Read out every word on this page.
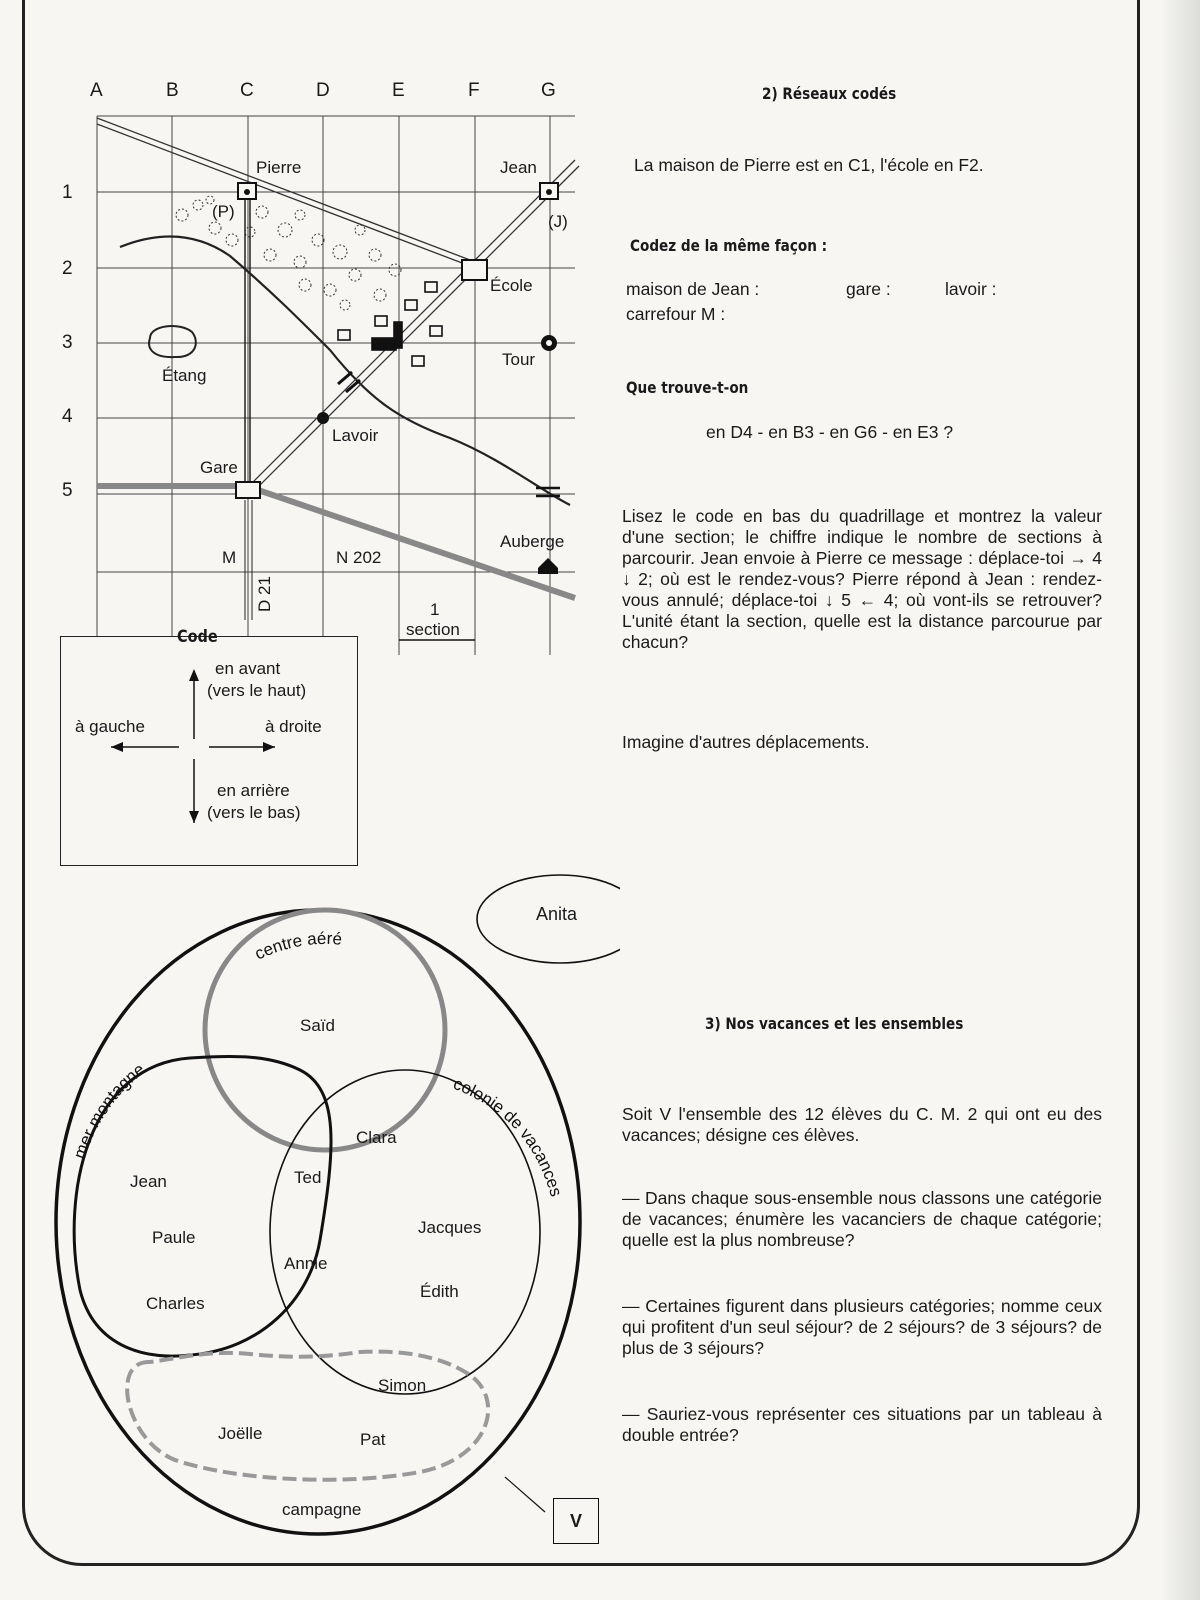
A	B	C	D	E	F	G
1
2
3
4
5
Pierre
(P)
Jean
(J)
École
Tour
Étang
Lavoir
Gare
Auberge
M	N 202
D 21	1
section
Code
en avant
(vers le haut)
à gauche	à droite
en arrière
(vers le bas)
2) Réseaux codés
La maison de Pierre est en C1, l'école en F2.
Codez de la même façon :
maison de Jean :	gare :	lavoir :
carrefour M :
Que trouve-t-on
en D4 - en B3 - en G6 - en E3 ?
Lisez le code en bas du quadrillage et montrez la valeur d'une section; le chiffre indique le nombre de sections à parcourir. Jean envoie à Pierre ce message : déplace-toi → 4 ↓ 2; où est le rendez-vous? Pierre répond à Jean : rendez-vous annulé; déplace-toi ↓ 5 ← 4; où vont-ils se retrouver? L'unité étant la section, quelle est la distance parcourue par chacun?
Imagine d'autres déplacements.
centre aéré
mer montagne
colonie de vacances
Anita
Saïd
Clara
Ted
Jean
Paule
Charles
Annie
Jacques
Édith
Simon
Joëlle	Pat
campagne
V
3) Nos vacances et les ensembles
Soit V l'ensemble des 12 élèves du C. M. 2 qui ont eu des vacances; désigne ces élèves.
— Dans chaque sous-ensemble nous classons une catégorie de vacances; énumère les vacanciers de chaque catégorie; quelle est la plus nombreuse?
— Certaines figurent dans plusieurs catégories; nomme ceux qui profitent d'un seul séjour? de 2 séjours? de 3 séjours? de plus de 3 séjours?
— Sauriez-vous représenter ces situations par un tableau à double entrée?
